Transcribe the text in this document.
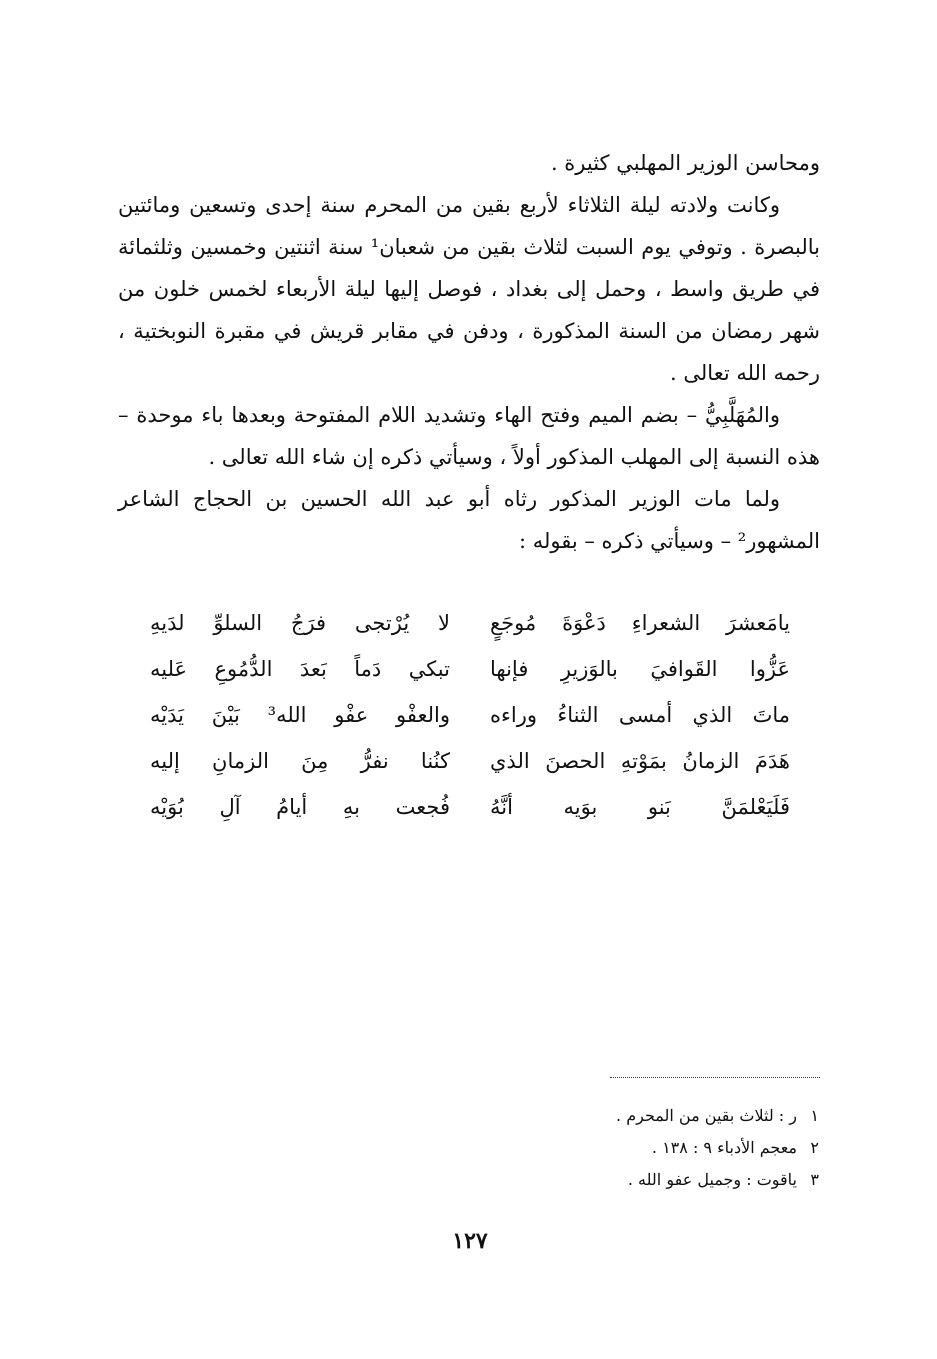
ومحاسن الوزير المهلبي كثيرة .

وكانت ولادته ليلة الثلاثاء لأربع بقين من المحرم سنة إحدى وتسعين ومائتين بالبصرة . وتوفي يوم السبت لثلاث بقين من شعبان¹ سنة اثنتين وخمسين وثلثمائة في طريق واسط ، وحمل إلى بغداد ، فوصل إليها ليلة الأربعاء لخمس خلون من شهر رمضان من السنة المذكورة ، ودفن في مقابر قريش في مقبرة النوبختية ، رحمه الله تعالى .

والمُهَلَّبِيُّ – بضم الميم وفتح الهاء وتشديد اللام المفتوحة وبعدها باء موحدة – هذه النسبة إلى المهلب المذكور أولاً ، وسيأتي ذكره إن شاء الله تعالى .

ولما مات الوزير المذكور رثاه أبو عبد الله الحسين بن الحجاج الشاعر المشهور² – وسيأتي ذكره – بقوله :

يامَعشرَ الشعراءِ دَعْوَةَ مُوجَعٍ
لا يُرْتجى فرَجُ السلوِّ لدَيهِ
عَزُّوا القَوافيَ بالوَزيرِ فإنها
تبكي دَماً بَعدَ الدُّمُوعِ عَليه
ماتَ الذي أمسى الثناءُ وراءه
والعفْو عفْو الله³ بَيْنَ يَدَيْه
هَدَمَ الزمانُ بمَوْتهِ الحصنَ الذي
كنُنا نفرُّ مِنَ الزمانِ إليه
فَلَيَعْلمَنَّ بَنو بوَيه أنَّهُ
فُجعت بهِ أيامُ آلِ بُوَيْه
١
ر : لثلاث بقين من المحرم .
٢
معجم الأدباء ٩ : ١٣٨ .
٣
ياقوت : وجميل عفو الله .
١٢٧
